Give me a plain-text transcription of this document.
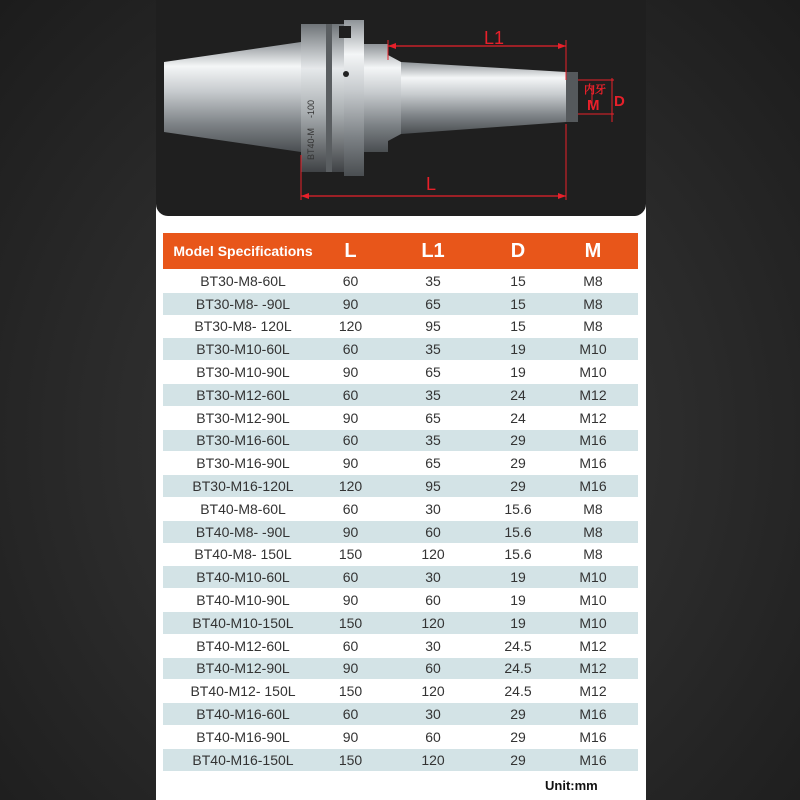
BT40-M    -100
L1
L
内牙
M D
Model Specifications	L	L1	D	M
BT30-M8-60L	60	35	15	M8
BT30-M8- -90L	90	65	15	M8
BT30-M8- 120L	120	95	15	M8
BT30-M10-60L	60	35	19	M10
BT30-M10-90L	90	65	19	M10
BT30-M12-60L	60	35	24	M12
BT30-M12-90L	90	65	24	M12
BT30-M16-60L	60	35	29	M16
BT30-M16-90L	90	65	29	M16
BT30-M16-120L	120	95	29	M16
BT40-M8-60L	60	30	15.6	M8
BT40-M8- -90L	90	60	15.6	M8
BT40-M8- 150L	150	120	15.6	M8
BT40-M10-60L	60	30	19	M10
BT40-M10-90L	90	60	19	M10
BT40-M10-150L	150	120	19	M10
BT40-M12-60L	60	30	24.5	M12
BT40-M12-90L	90	60	24.5	M12
BT40-M12- 150L	150	120	24.5	M12
BT40-M16-60L	60	30	29	M16
BT40-M16-90L	90	60	29	M16
BT40-M16-150L	150	120	29	M16
Unit:mm
